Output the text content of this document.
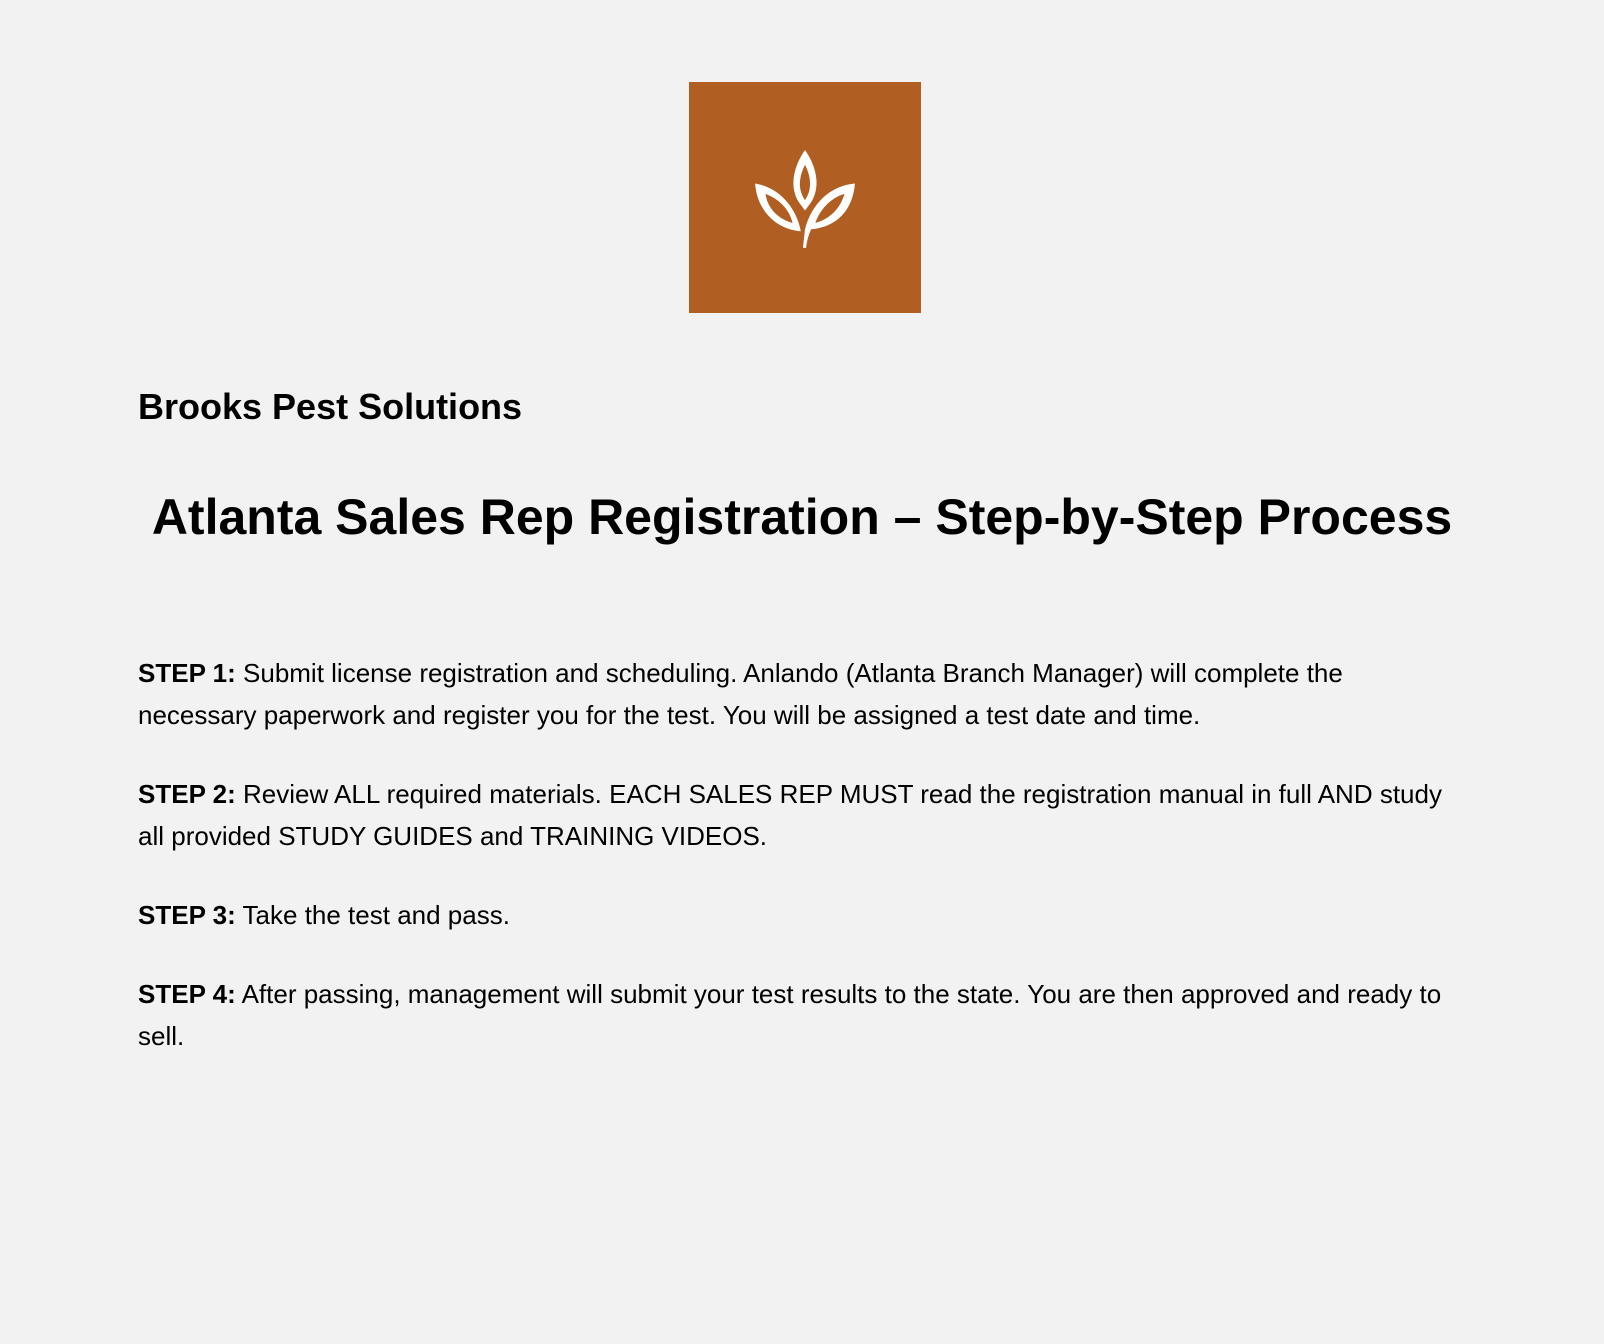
Brooks Pest Solutions
Atlanta Sales Rep Registration – Step-by-Step Process

STEP 1: Submit license registration and scheduling. Anlando (Atlanta Branch Manager) will complete the necessary paperwork and register you for the test. You will be assigned a test date and time.

STEP 2: Review ALL required materials. EACH SALES REP MUST read the registration manual in full AND study all provided STUDY GUIDES and TRAINING VIDEOS.

STEP 3: Take the test and pass.

STEP 4: After passing, management will submit your test results to the state. You are then approved and ready to sell.
